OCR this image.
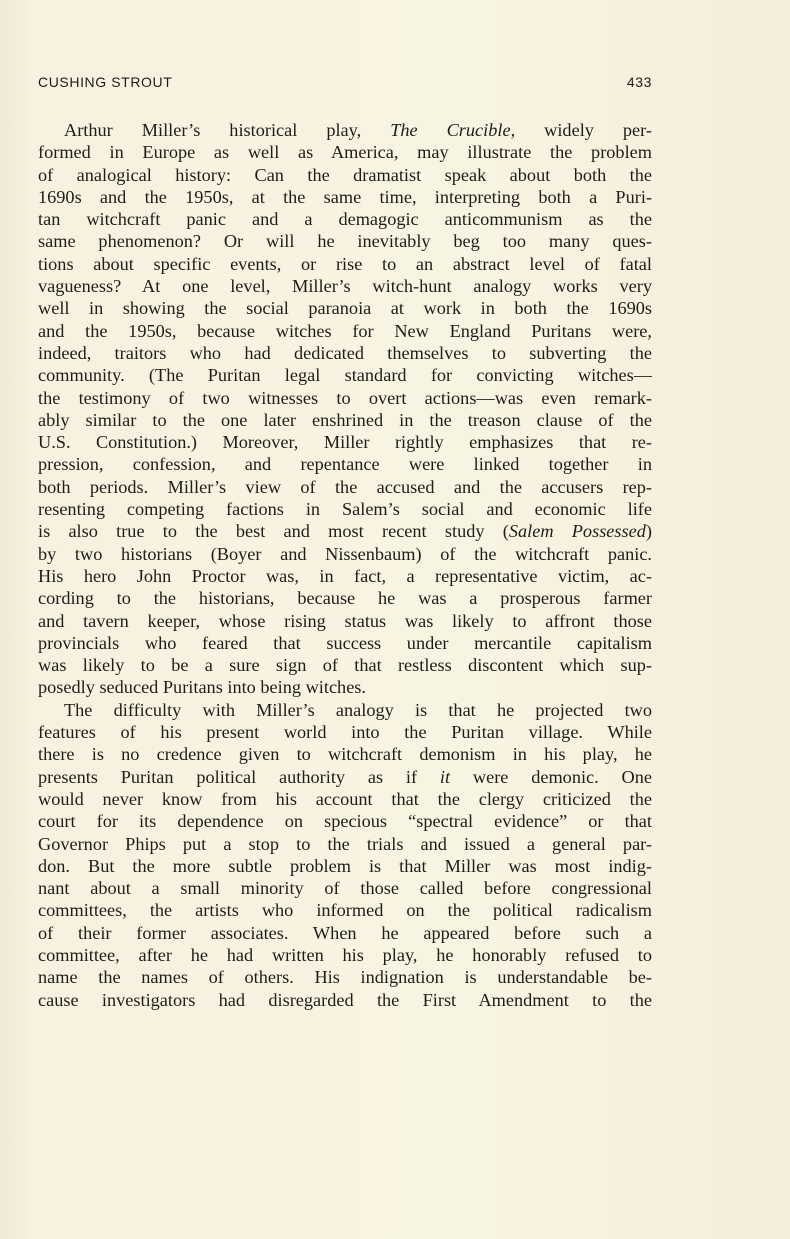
CUSHING STROUT	433
Arthur Miller’s historical play, The Crucible, widely per-
formed in Europe as well as America, may illustrate the problem
of analogical history: Can the dramatist speak about both the
1690s and the 1950s, at the same time, interpreting both a Puri-
tan witchcraft panic and a demagogic anticommunism as the
same phenomenon? Or will he inevitably beg too many ques-
tions about specific events, or rise to an abstract level of fatal
vagueness? At one level, Miller’s witch-hunt analogy works very
well in showing the social paranoia at work in both the 1690s
and the 1950s, because witches for New England Puritans were,
indeed, traitors who had dedicated themselves to subverting the
community. (The Puritan legal standard for convicting witches—
the testimony of two witnesses to overt actions—was even remark-
ably similar to the one later enshrined in the treason clause of the
U.S. Constitution.) Moreover, Miller rightly emphasizes that re-
pression, confession, and repentance were linked together in
both periods. Miller’s view of the accused and the accusers rep-
resenting competing factions in Salem’s social and economic life
is also true to the best and most recent study (Salem Possessed)
by two historians (Boyer and Nissenbaum) of the witchcraft panic.
His hero John Proctor was, in fact, a representative victim, ac-
cording to the historians, because he was a prosperous farmer
and tavern keeper, whose rising status was likely to affront those
provincials who feared that success under mercantile capitalism
was likely to be a sure sign of that restless discontent which sup-
posedly seduced Puritans into being witches.
The difficulty with Miller’s analogy is that he projected two
features of his present world into the Puritan village. While
there is no credence given to witchcraft demonism in his play, he
presents Puritan political authority as if it were demonic. One
would never know from his account that the clergy criticized the
court for its dependence on specious “spectral evidence” or that
Governor Phips put a stop to the trials and issued a general par-
don. But the more subtle problem is that Miller was most indig-
nant about a small minority of those called before congressional
committees, the artists who informed on the political radicalism
of their former associates. When he appeared before such a
committee, after he had written his play, he honorably refused to
name the names of others. His indignation is understandable be-
cause investigators had disregarded the First Amendment to the
